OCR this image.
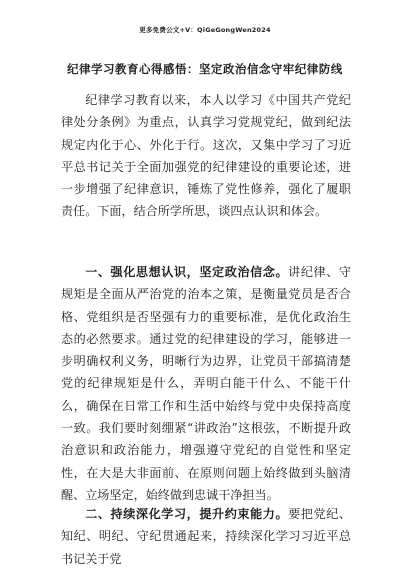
更多免费公文+V：QiGeGongWen2024
纪律学习教育心得感悟：坚定政治信念守牢纪律防线

纪律学习教育以来，本人以学习《中国共产党纪律处分条例》为重点，认真学习党规党纪，做到纪法规定内化于心、外化于行。这次，又集中学习了习近平总书记关于全面加强党的纪律建设的重要论述，进一步增强了纪律意识，锤炼了党性修养，强化了履职责任。下面，结合所学所思，谈四点认识和体会。

一、强化思想认识，坚定政治信念。讲纪律、守规矩是全面从严治党的治本之策，是衡量党员是否合格、党组织是否坚强有力的重要标准，是优化政治生态的必然要求。通过党的纪律建设的学习，能够进一步明确权利义务，明晰行为边界，让党员干部搞清楚党的纪律规矩是什么，弄明白能干什么、不能干什么，确保在日常工作和生活中始终与党中央保持高度一致。我们要时刻绷紧“讲政治”这根弦，不断提升政治意识和政治能力，增强遵守党纪的自觉性和坚定性，在大是大非面前、在原则问题上始终做到头脑清醒、立场坚定，始终做到忠诚干净担当。

二、持续深化学习，提升约束能力。要把党纪、知纪、明纪、守纪贯通起来，持续深化学习习近平总书记关于党
